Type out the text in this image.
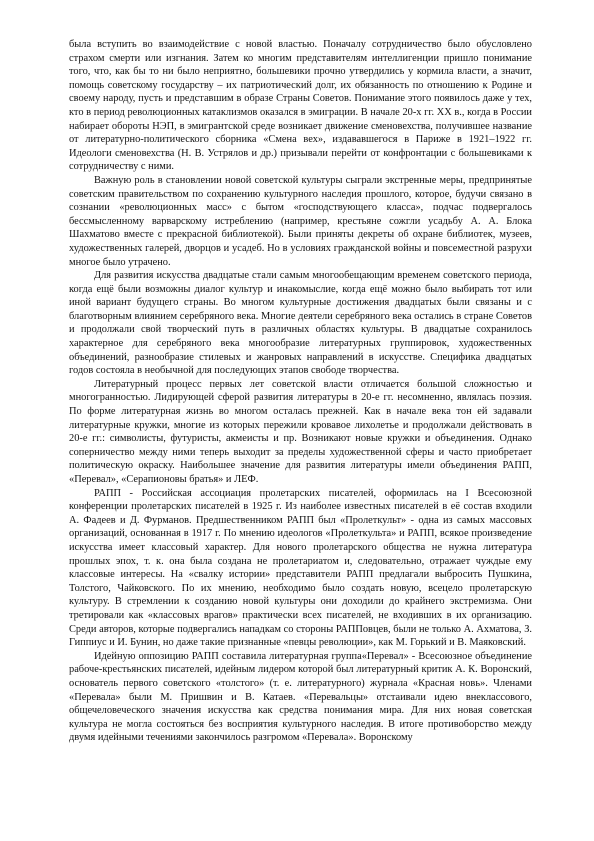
была вступить во взаимодействие с новой властью. Поначалу сотрудничество было обусловлено страхом смерти или изгнания. Затем ко многим представителям интеллигенции пришло понимание того, что, как бы то ни было неприятно, большевики прочно утвердились у кормила власти, а значит, помощь советскому государству – их патриотический долг, их обязанность по отношению к Родине и своему народу, пусть и представшим в образе Страны Советов. Понимание этого появилось даже у тех, кто в период революционных катаклизмов оказался в эмиграции. В начале 20-х гг. XX в., когда в России набирает обороты НЭП, в эмигрантской среде возникает движение сменовехства, получившее название от литературно-политического сборника «Смена вех», издававшегося в Париже в 1921–1922 гг. Идеологи сменовехства (Н. В. Устрялов и др.) призывали перейти от конфронтации с большевиками к сотрудничеству с ними.

Важную роль в становлении новой советской культуры сыграли экстренные меры, предпринятые советским правительством по сохранению культурного наследия прошлого, которое, будучи связано в сознании «революционных масс» с бытом «господствующего класса», подчас подвергалось бессмысленному варварскому истреблению (например, крестьяне сожгли усадьбу А. А. Блока Шахматово вместе с прекрасной библиотекой). Были приняты декреты об охране библиотек, музеев, художественных галерей, дворцов и усадеб. Но в условиях гражданской войны и повсеместной разрухи многое было утрачено.

Для развития искусства двадцатые стали самым многообещающим временем советского периода, когда ещё были возможны диалог культур и инакомыслие, когда ещё можно было выбирать тот или иной вариант будущего страны. Во многом культурные достижения двадцатых были связаны и с благотворным влиянием серебряного века. Многие деятели серебряного века остались в стране Советов и продолжали свой творческий путь в различных областях культуры. В двадцатые сохранилось характерное для серебряного века многообразие литературных группировок, художественных объединений, разнообразие стилевых и жанровых направлений в искусстве. Специфика двадцатых годов состояла в необычной для последующих этапов свободе творчества.

Литературный процесс первых лет советской власти отличается большой сложностью и многогранностью. Лидирующей сферой развития литературы в 20-е гг. несомненно, являлась поэзия. По форме литературная жизнь во многом осталась прежней. Как в начале века тон ей задавали литературные кружки, многие из которых пережили кровавое лихолетье и продолжали действовать в 20-е гг.: символисты, футуристы, акмеисты и пр. Возникают новые кружки и объединения. Однако соперничество между ними теперь выходит за пределы художественной сферы и часто приобретает политическую окраску. Наибольшее значение для развития литературы имели объединения РАПП, «Перевал», «Серапионовы братья» и ЛЕФ.

РАПП - Российская ассоциация пролетарских писателей, оформилась на I Всесоюзной конференции пролетарских писателей в 1925 г. Из наиболее известных писателей в её состав входили А. Фадеев и Д. Фурманов. Предшественником РАПП был «Пролеткульт» - одна из самых массовых организаций, основанная в 1917 г. По мнению идеологов «Пролеткульта» и РАПП, всякое произведение искусства имеет классовый характер. Для нового пролетарского общества не нужна литература прошлых эпох, т. к. она была создана не пролетариатом и, следовательно, отражает чуждые ему классовые интересы. На «свалку истории» представители РАПП предлагали выбросить Пушкина, Толстого, Чайковского. По их мнению, необходимо было создать новую, всецело пролетарскую культуру. В стремлении к созданию новой культуры они доходили до крайнего экстремизма. Они третировали как «классовых врагов» практически всех писателей, не входивших в их организацию. Среди авторов, которые подвергались нападкам со стороны РАППовцев, были не только А. Ахматова, З. Гиппиус и И. Бунин, но даже такие признанные «певцы революции», как М. Горький и В. Маяковский.

Идейную оппозицию РАПП составила литературная группа«Перевал» - Всесоюзное объединение рабоче-крестьянских писателей, идейным лидером которой был литературный критик А. К. Воронский, основатель первого советского «толстого» (т. е. литературного) журнала «Красная новь». Членами «Перевала» были М. Пришвин и В. Катаев. «Перевальцы» отстаивали идею внеклассового, общечеловеческого значения искусства как средства понимания мира. Для них новая советская культура не могла состояться без восприятия культурного наследия. В итоге противоборство между двумя идейными течениями закончилось разгромом «Перевала». Воронскому
